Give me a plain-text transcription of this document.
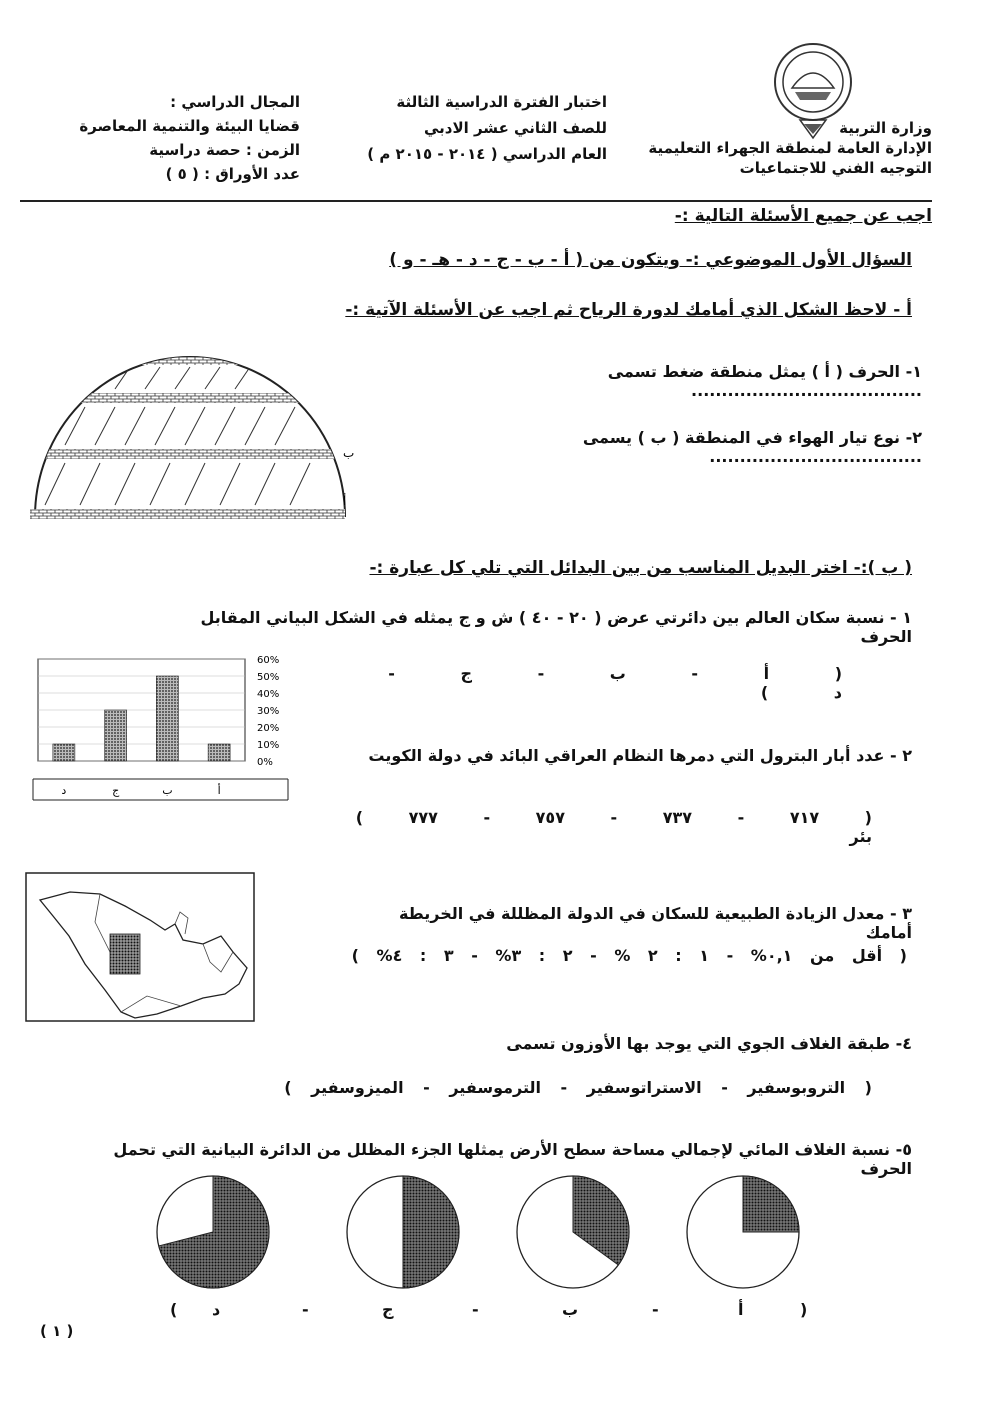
وزارة التربية
الإدارة العامة لمنطقة الجهراء التعليمية
التوجيه الفني للاجتماعيات
اختبار الفترة الدراسية الثالثة
للصف الثاني عشر الادبي
العام الدراسي ( ٢٠١٤ - ٢٠١٥ م )
المجال الدراسي :
قضايا البيئة والتنمية المعاصرة
الزمن : حصة دراسية
عدد الأوراق : ( ٥ )
اجب عن جميع الأسئلة التالية :-
السؤال الأول الموضوعي :- ويتكون من ( أ - ب - ج - د - هـ - و )
أ - لاحظ الشكل الذي أمامك لدورة الرياح ثم اجب عن الأسئلة الآتية :-
ب
أ
١- الحرف ( أ ) يمثل منطقة ضغط تسمى ......................................
٢- نوع تيار الهواء في المنطقة ( ب ) يسمى ...................................
( ب ):- اختر البديل المناسب من بين البدائل التي تلي كل عبارة :-
١ - نسبة سكان العالم بين دائرتي عرض ( ٢٠ - ٤٠ ) ش و ج يمثله في الشكل البياني المقابل الحرف
0%
10%
20%
30%
40%
50%
60%
د	ج	ب	أ
( أ - ب - ج - د )
٢ - عدد أبار البترول التي دمرها النظام العراقي البائد في دولة الكويت
( ٧١٧ - ٧٣٧ - ٧٥٧ - ٧٧٧ ) بئر
٣ - معدل الزيادة الطبيعية للسكان في الدولة المظللة في الخريطة أمامك
( أقل من ٠,١% - ١ : ٢ % - ٢ : ٣% - ٣ : ٤% )
٤- طبقة الغلاف الجوي التي يوجد بها الأوزون تسمى
( التروبوسفير - الاستراتوسفير - الترموسفير - الميزوسفير )
٥- نسبة الغلاف المائي لإجمالي مساحة سطح الأرض يمثلها الجزء المظلل من الدائرة البيانية التي تحمل الحرف
( د	-	ج	-	ب	-	أ	)
( ١ )
